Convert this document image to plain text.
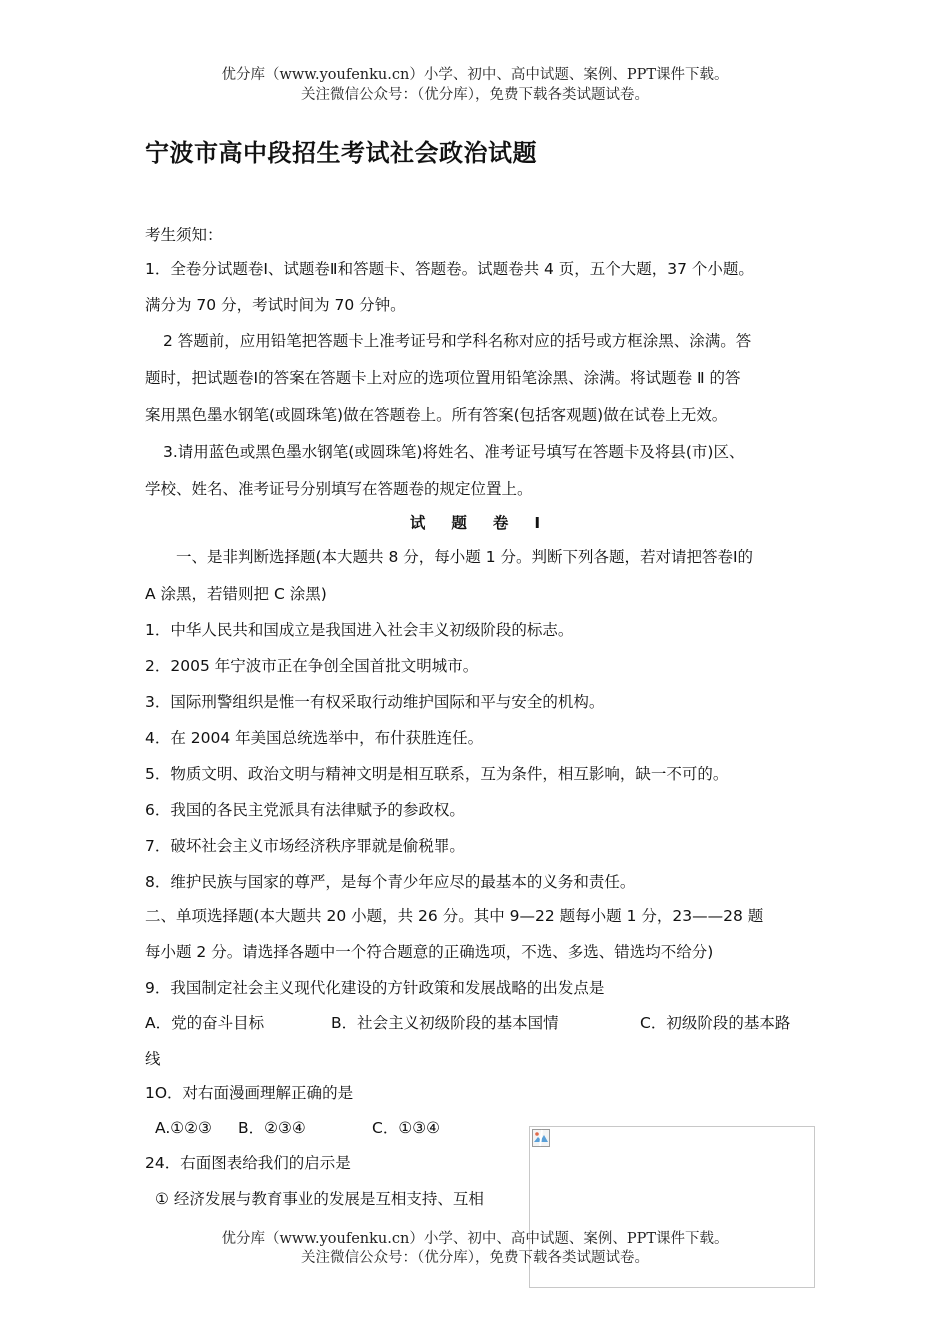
优分库（www.youfenku.cn）小学、初中、高中试题、案例、PPT课件下载。
关注微信公众号：（优分库），免费下载各类试题试卷。
宁波市高中段招生考试社会政治试题
考生须知：
1．全卷分试题卷Ⅰ、试题卷Ⅱ和答题卡、答题卷。试题卷共 4 页，五个大题，37 个小题。
满分为 70 分，考试时间为 70 分钟。
2 答题前，应用铅笔把答题卡上准考证号和学科名称对应的括号或方框涂黑、涂满。答
题时，把试题卷Ⅰ的答案在答题卡上对应的选项位置用铅笔涂黑、涂满。将试题卷 Ⅱ 的答
案用黑色墨水钢笔(或圆珠笔)做在答题卷上。所有答案(包括客观题)做在试卷上无效。
3.请用蓝色或黑色墨水钢笔(或圆珠笔)将姓名、准考证号填写在答题卡及将县(市)区、
学校、姓名、准考证号分别填写在答题卷的规定位置上。
试 题 卷 Ⅰ
一、是非判断选择题(本大题共 8 分，每小题 1 分。判断下列各题，若对请把答卷Ⅰ的
A 涂黑，若错则把 C 涂黑)
1．中华人民共和国成立是我国进入社会丰义初级阶段的标志。
2．2005 年宁波市正在争创全国首批文明城市。
3．国际刑警组织是惟一有权采取行动维护国际和平与安全的机构。
4．在 2004 年美国总统选举中，布什获胜连任。
5．物质文明、政治文明与精神文明是相互联系，互为条件，相互影响，缺一不可的。
6．我国的各民主党派具有法律赋予的参政权。
7．破坏社会主义市场经济秩序罪就是偷税罪。
8．维护民族与国家的尊严，是每个青少年应尽的最基本的义务和责任。
二、单项选择题(本大题共 20 小题，共 26 分。其中 9—22 题每小题 1 分，23——28 题
每小题 2 分。请选择各题中一个符合题意的正确选项，不选、多选、错选均不给分)
9．我国制定社会主义现代化建设的方针政策和发展战略的出发点是
A．党的奋斗目标	B．社会主义初级阶段的基本国情	C．初级阶段的基本路
线
1O．对右面漫画理解正确的是
A.①②③ B．②③④	C．①③④
24．右面图表给我们的启示是
① 经济发展与教育事业的发展是互相支持、互相
优分库（www.youfenku.cn）小学、初中、高中试题、案例、PPT课件下载。
关注微信公众号：（优分库），免费下载各类试题试卷。
